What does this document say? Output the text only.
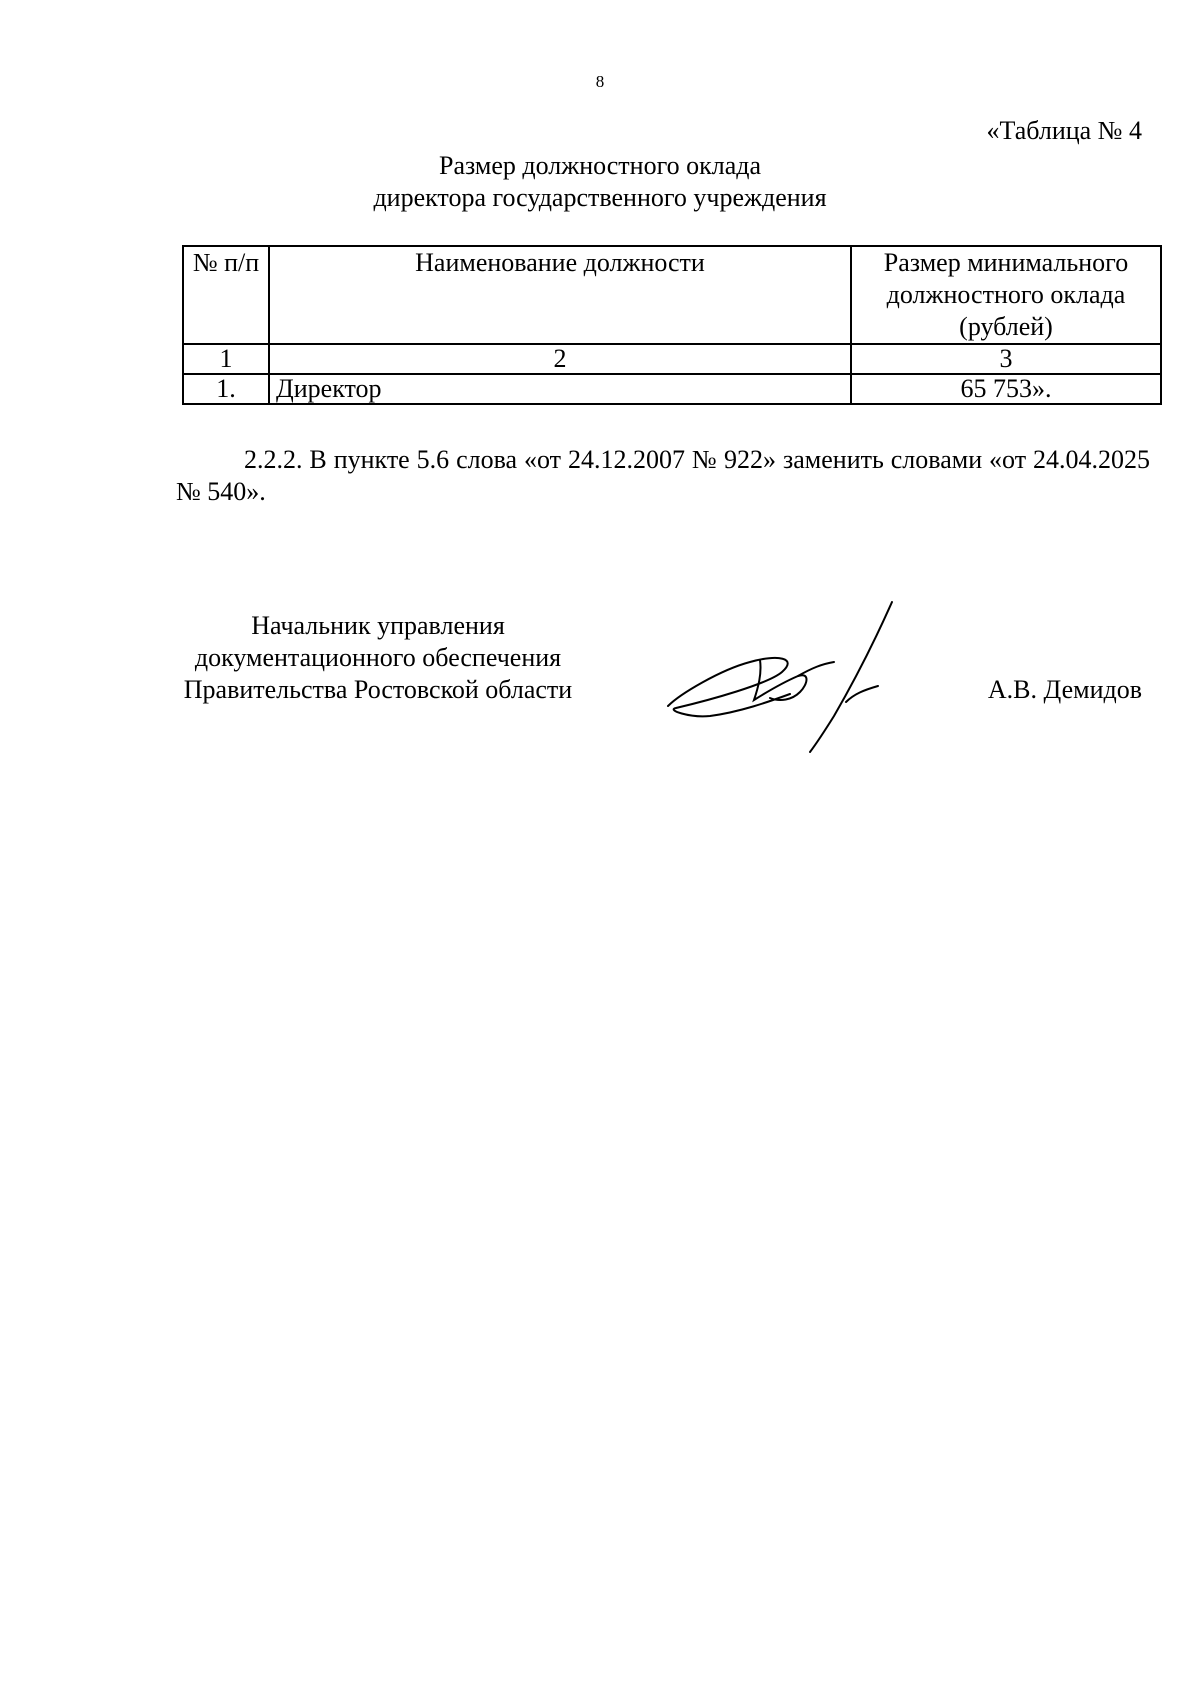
8
«Таблица № 4
Размер должностного оклада
директора государственного учреждения
№ п/п	Наименование должности	Размер минимального должностного оклада (рублей)
1	2	3
1.	Директор	65 753».
2.2.2. В пункте 5.6 слова «от 24.12.2007 № 922» заменить словами «от 24.04.2025 № 540».
Начальник управления
документационного обеспечения
Правительства Ростовской области	А.В. Демидов
